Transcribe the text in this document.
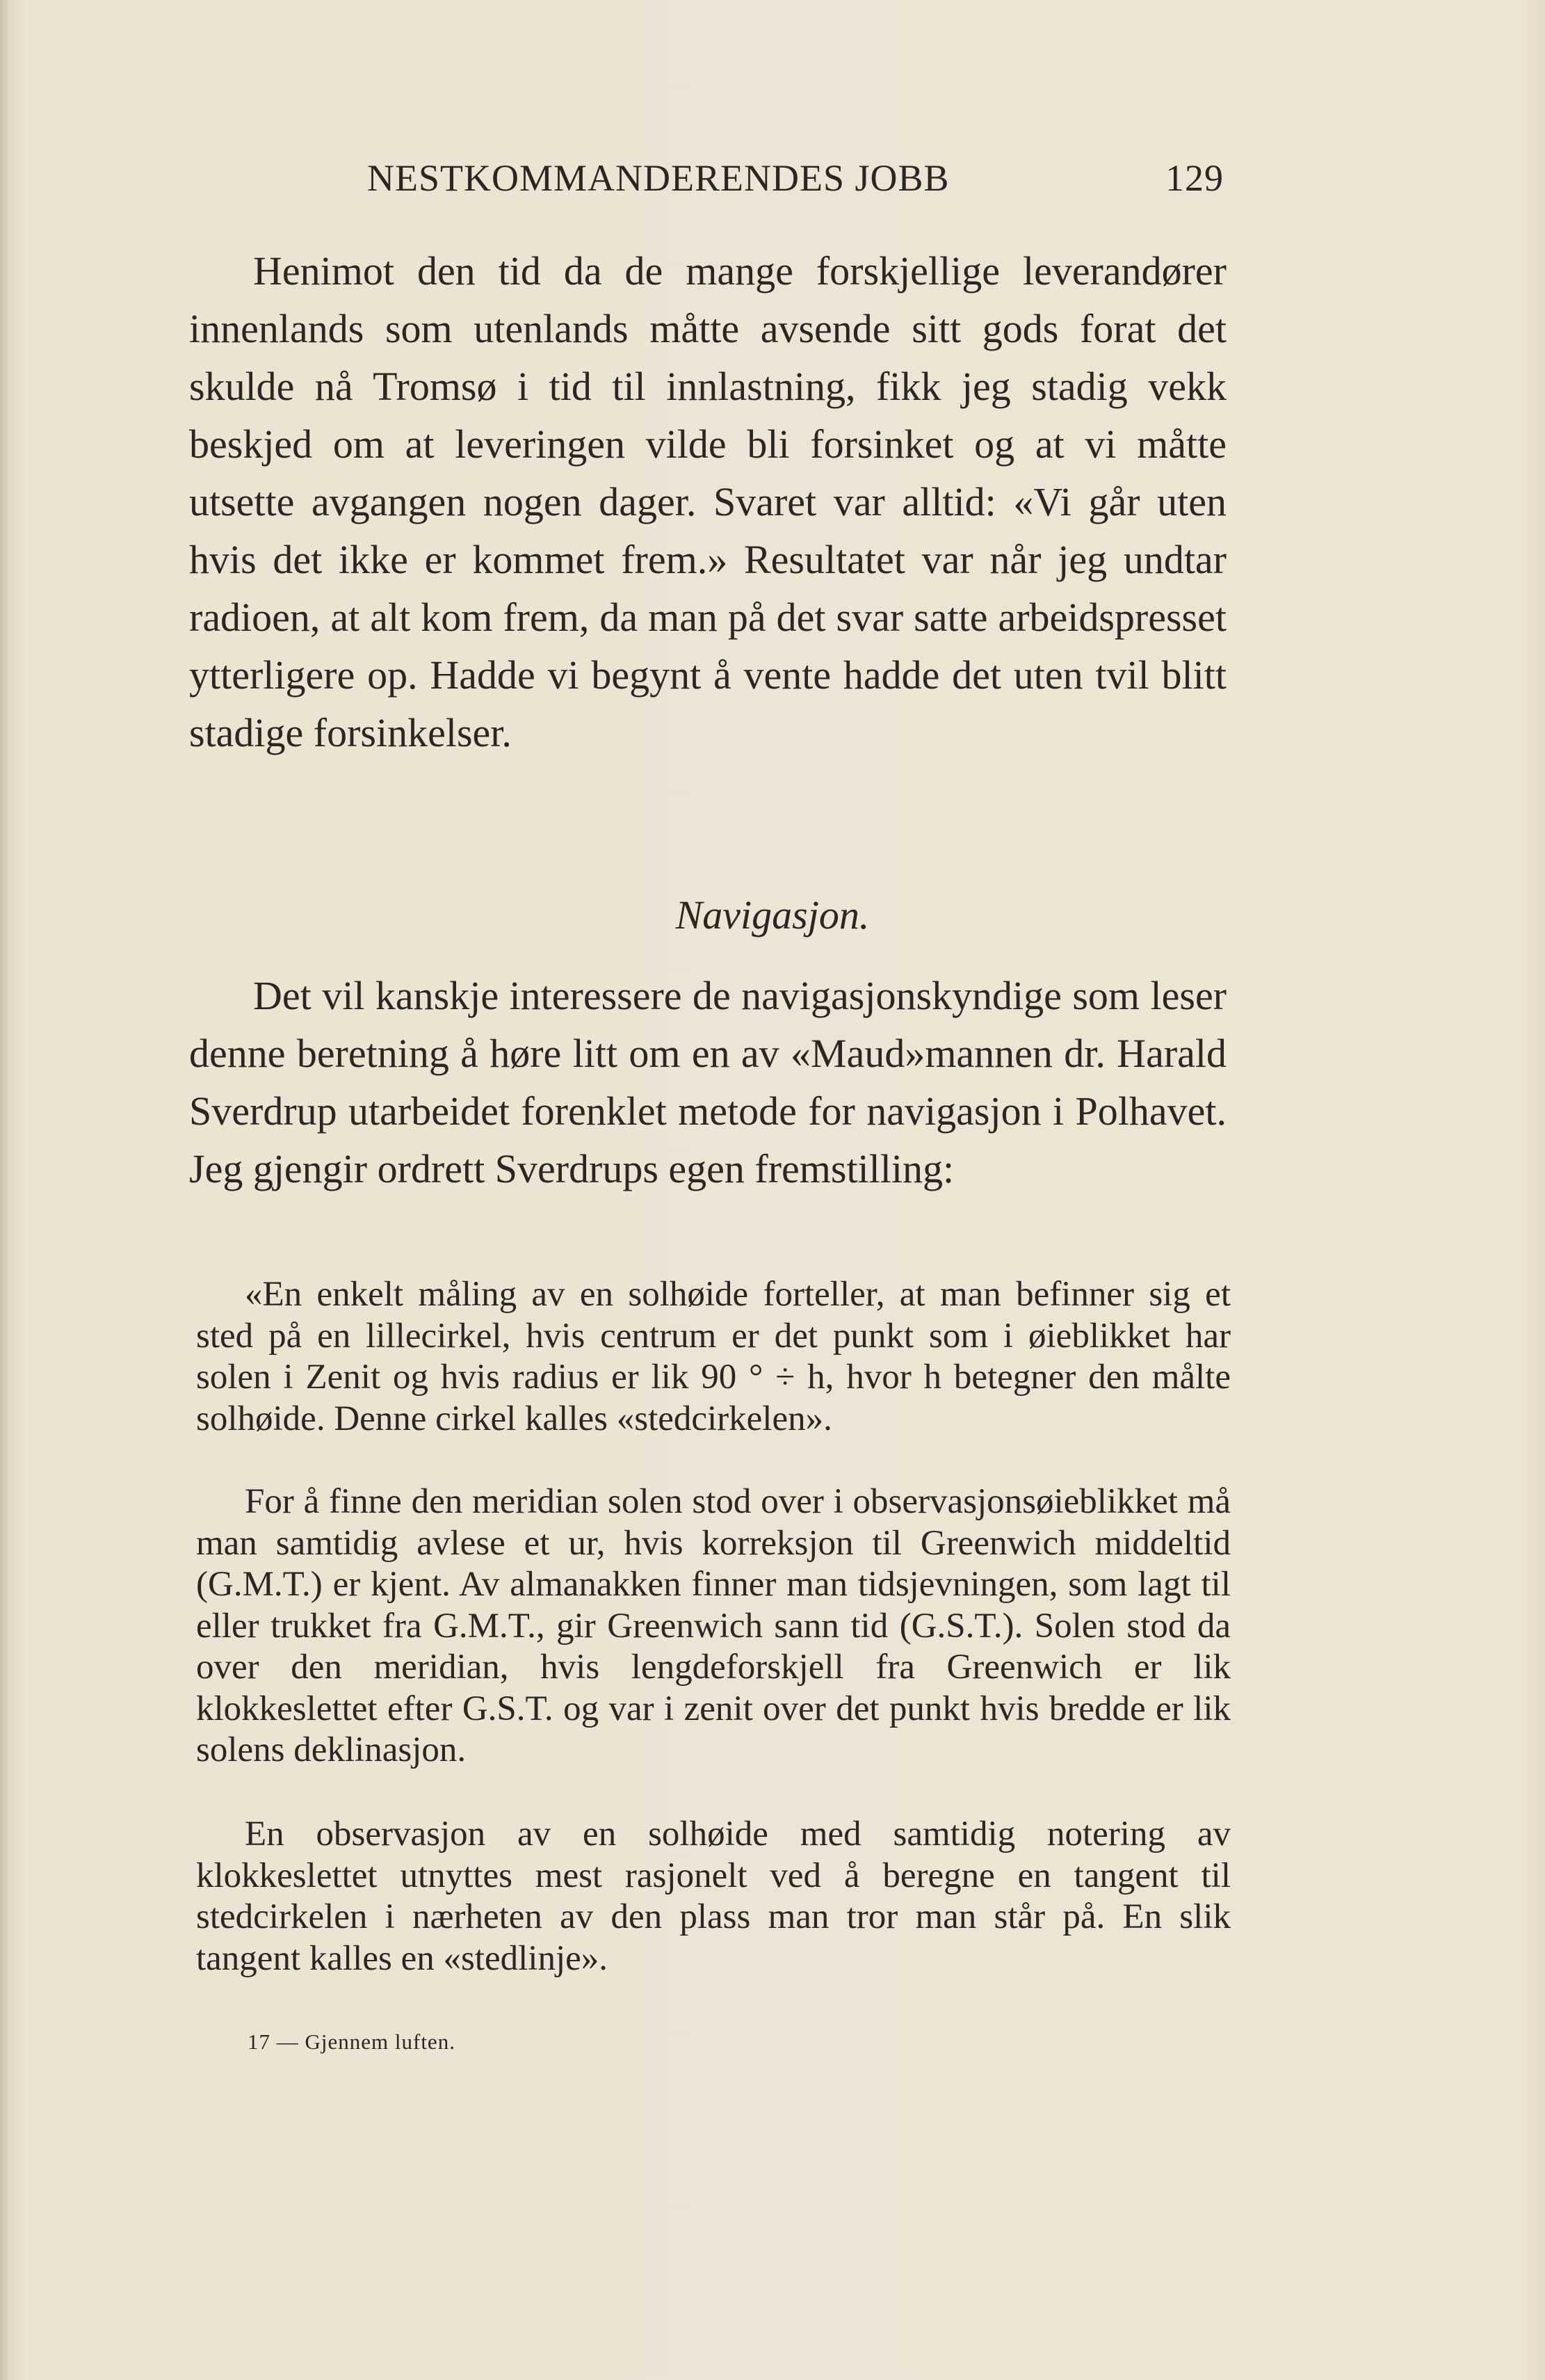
NESTKOMMANDERENDES JOBB	129

Henimot den tid da de mange forskjellige leverandører innenlands som utenlands måtte avsende sitt gods forat det skulde nå Tromsø i tid til innlastning, fikk jeg stadig vekk beskjed om at leveringen vilde bli forsinket og at vi måtte utsette avgangen nogen dager. Svaret var alltid: «Vi går uten hvis det ikke er kommet frem.» Resultatet var når jeg undtar radioen, at alt kom frem, da man på det svar satte arbeidspresset ytterligere op. Hadde vi begynt å vente hadde det uten tvil blitt stadige forsinkelser.

Navigasjon.

Det vil kanskje interessere de navigasjonskyndige som leser denne beretning å høre litt om en av «Maud»mannen dr. Harald Sverdrup utarbeidet forenklet metode for navigasjon i Polhavet. Jeg gjengir ordrett Sverdrups egen fremstilling:

«En enkelt måling av en solhøide forteller, at man befinner sig et sted på en lillecirkel, hvis centrum er det punkt som i øieblikket har solen i Zenit og hvis radius er lik 90 ° ÷ h, hvor h betegner den målte solhøide. Denne cirkel kalles «stedcirkelen».

For å finne den meridian solen stod over i observasjonsøieblikket må man samtidig avlese et ur, hvis korreksjon til Greenwich middeltid (G.M.T.) er kjent. Av almanakken finner man tidsjevningen, som lagt til eller trukket fra G.M.T., gir Greenwich sann tid (G.S.T.). Solen stod da over den meridian, hvis lengdeforskjell fra Greenwich er lik klokkeslettet efter G.S.T. og var i zenit over det punkt hvis bredde er lik solens deklinasjon.

En observasjon av en solhøide med samtidig notering av klokkeslettet utnyttes mest rasjonelt ved å beregne en tangent til stedcirkelen i nærheten av den plass man tror man står på. En slik tangent kalles en «stedlinje».

17 — Gjennem luften.
